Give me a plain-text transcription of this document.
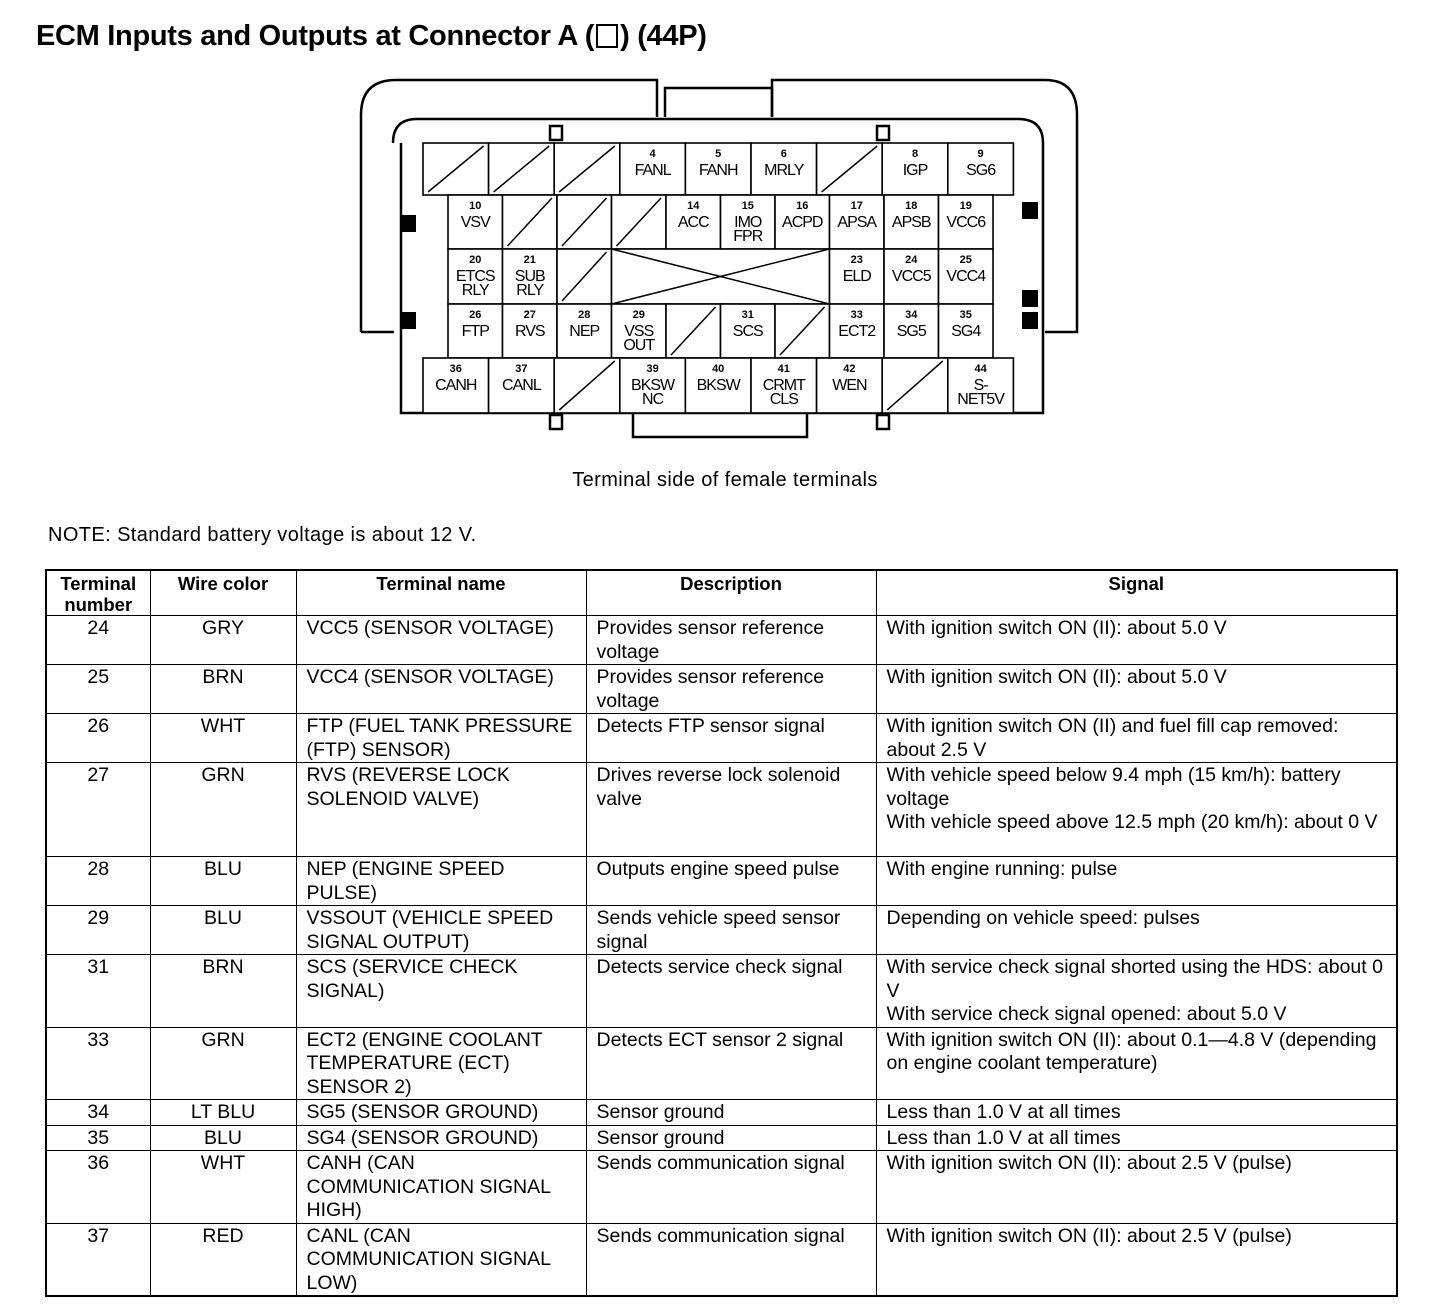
ECM Inputs and Outputs at Connector A ( ) (44P)
4
FANL
5
FANH
6
MRLY
8
IGP
9
SG6
10
VSV
14
ACC
15
IMO
FPR
16
ACPD
17
APSA
18
APSB
19
VCC6
20
ETCS
RLY
21
SUB
RLY
23
ELD
24
VCC5
25
VCC4
26
FTP
27
RVS
28
NEP
29
VSS
OUT
31
SCS
33
ECT2
34
SG5
35
SG4
36
CANH
37
CANL
39
BKSW
NC
40
BKSW
41
CRMT
CLS
42
WEN
44
S-
NET5V
Terminal side of female terminals
NOTE: Standard battery voltage is about 12 V.
Terminal number	Wire color	Terminal name	Description	Signal
24	GRY	VCC5 (SENSOR VOLTAGE)	Provides sensor reference voltage	With ignition switch ON (II): about 5.0 V

25	BRN	VCC4 (SENSOR VOLTAGE)	Provides sensor reference voltage	With ignition switch ON (II): about 5.0 V

26	WHT	FTP (FUEL TANK PRESSURE (FTP) SENSOR)	Detects FTP sensor signal	With ignition switch ON (II) and fuel fill cap removed: about 2.5 V

27	GRN	RVS (REVERSE LOCK SOLENOID VALVE)	Drives reverse lock solenoid valve	With vehicle speed below 9.4 mph (15 km/h): battery voltage
With vehicle speed above 12.5 mph (20 km/h): about 0 V

28	BLU	NEP (ENGINE SPEED PULSE)	Outputs engine speed pulse	With engine running: pulse

29	BLU	VSSOUT (VEHICLE SPEED SIGNAL OUTPUT)	Sends vehicle speed sensor signal	Depending on vehicle speed: pulses

31	BRN	SCS (SERVICE CHECK SIGNAL)	Detects service check signal	With service check signal shorted using the HDS: about 0 V
With service check signal opened: about 5.0 V

33	GRN	ECT2 (ENGINE COOLANT TEMPERATURE (ECT) SENSOR 2)	Detects ECT sensor 2 signal	With ignition switch ON (II): about 0.1—4.8 V (depending on engine coolant temperature)

34	LT BLU	SG5 (SENSOR GROUND)	Sensor ground	Less than 1.0 V at all times

35	BLU	SG4 (SENSOR GROUND)	Sensor ground	Less than 1.0 V at all times

36	WHT	CANH (CAN COMMUNICATION SIGNAL HIGH)	Sends communication signal	With ignition switch ON (II): about 2.5 V (pulse)

37	RED	CANL (CAN COMMUNICATION SIGNAL LOW)	Sends communication signal	With ignition switch ON (II): about 2.5 V (pulse)
